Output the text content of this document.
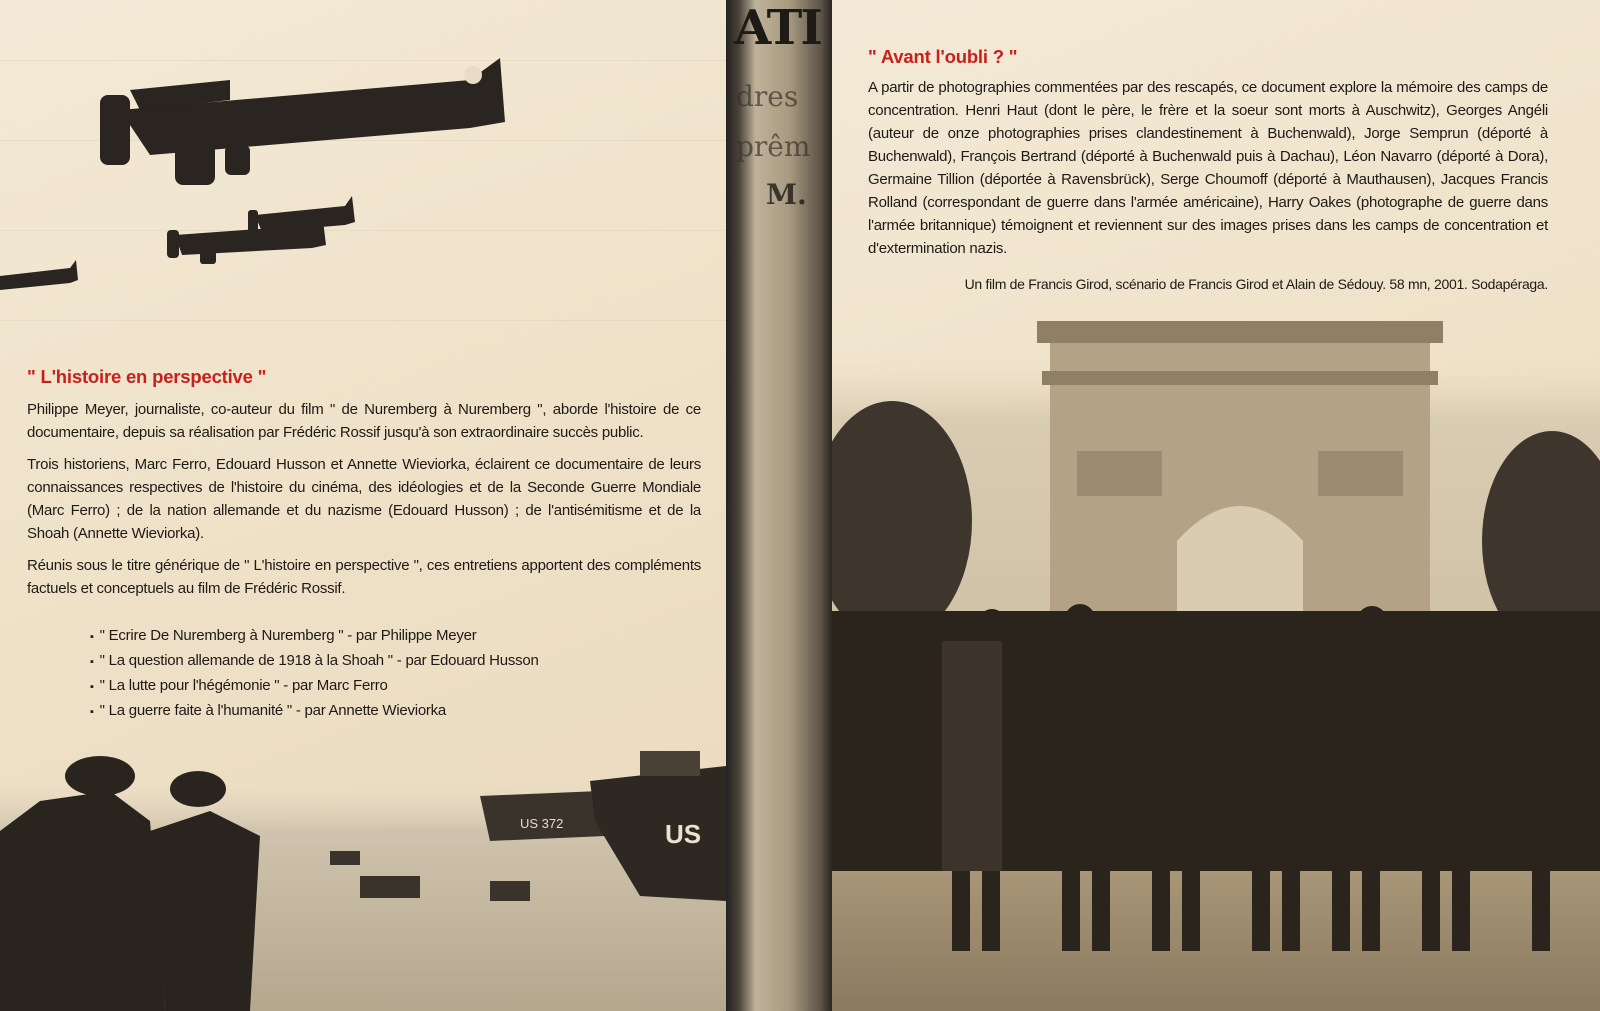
" L'histoire en perspective "

Philippe Meyer, journaliste, co-auteur du film " de Nuremberg à Nuremberg ", aborde l'histoire de ce documentaire, depuis sa réalisation par Frédéric Rossif jusqu'à son extraordinaire succès public.

Trois historiens, Marc Ferro, Edouard Husson et Annette Wieviorka, éclairent ce documentaire de leurs connaissances respectives de l'histoire du cinéma, des idéologies et de la Seconde Guerre Mondiale (Marc Ferro) ; de la nation allemande et du nazisme (Edouard Husson) ; de l'antisémitisme et de la Shoah (Annette Wieviorka).

Réunis sous le titre générique de " L'histoire en perspective ", ces entretiens apportent des compléments factuels et conceptuels au film de Frédéric Rossif.

▪ " Ecrire De Nuremberg à Nuremberg " - par Philippe Meyer
▪ " La question allemande de 1918 à la Shoah " - par Edouard Husson
▪ " La lutte pour l'hégémonie " - par Marc Ferro
▪ " La guerre faite à l'humanité " - par Annette Wieviorka
US 372	US
ATI
dres
prêm
M.
" Avant l'oubli ? "

A partir de photographies commentées par des rescapés, ce document explore la mémoire des camps de concentration. Henri Haut (dont le père, le frère et la soeur sont morts à Auschwitz), Georges Angéli (auteur de onze photographies prises clandestinement à Buchenwald), Jorge Semprun (déporté à Buchenwald), François Bertrand (déporté à Buchenwald puis à Dachau), Léon Navarro (déporté à Dora), Germaine Tillion (déportée à Ravensbrück), Serge Choumoff (déporté à Mauthausen), Jacques Francis Rolland (correspondant de guerre dans l'armée américaine), Harry Oakes (photographe de guerre dans l'armée britannique) témoignent et reviennent sur des images prises dans les camps de concentration et d'extermination nazis.

Un film de Francis Girod, scénario de Francis Girod et Alain de Sédouy. 58 mn, 2001. Sodapéraga.
